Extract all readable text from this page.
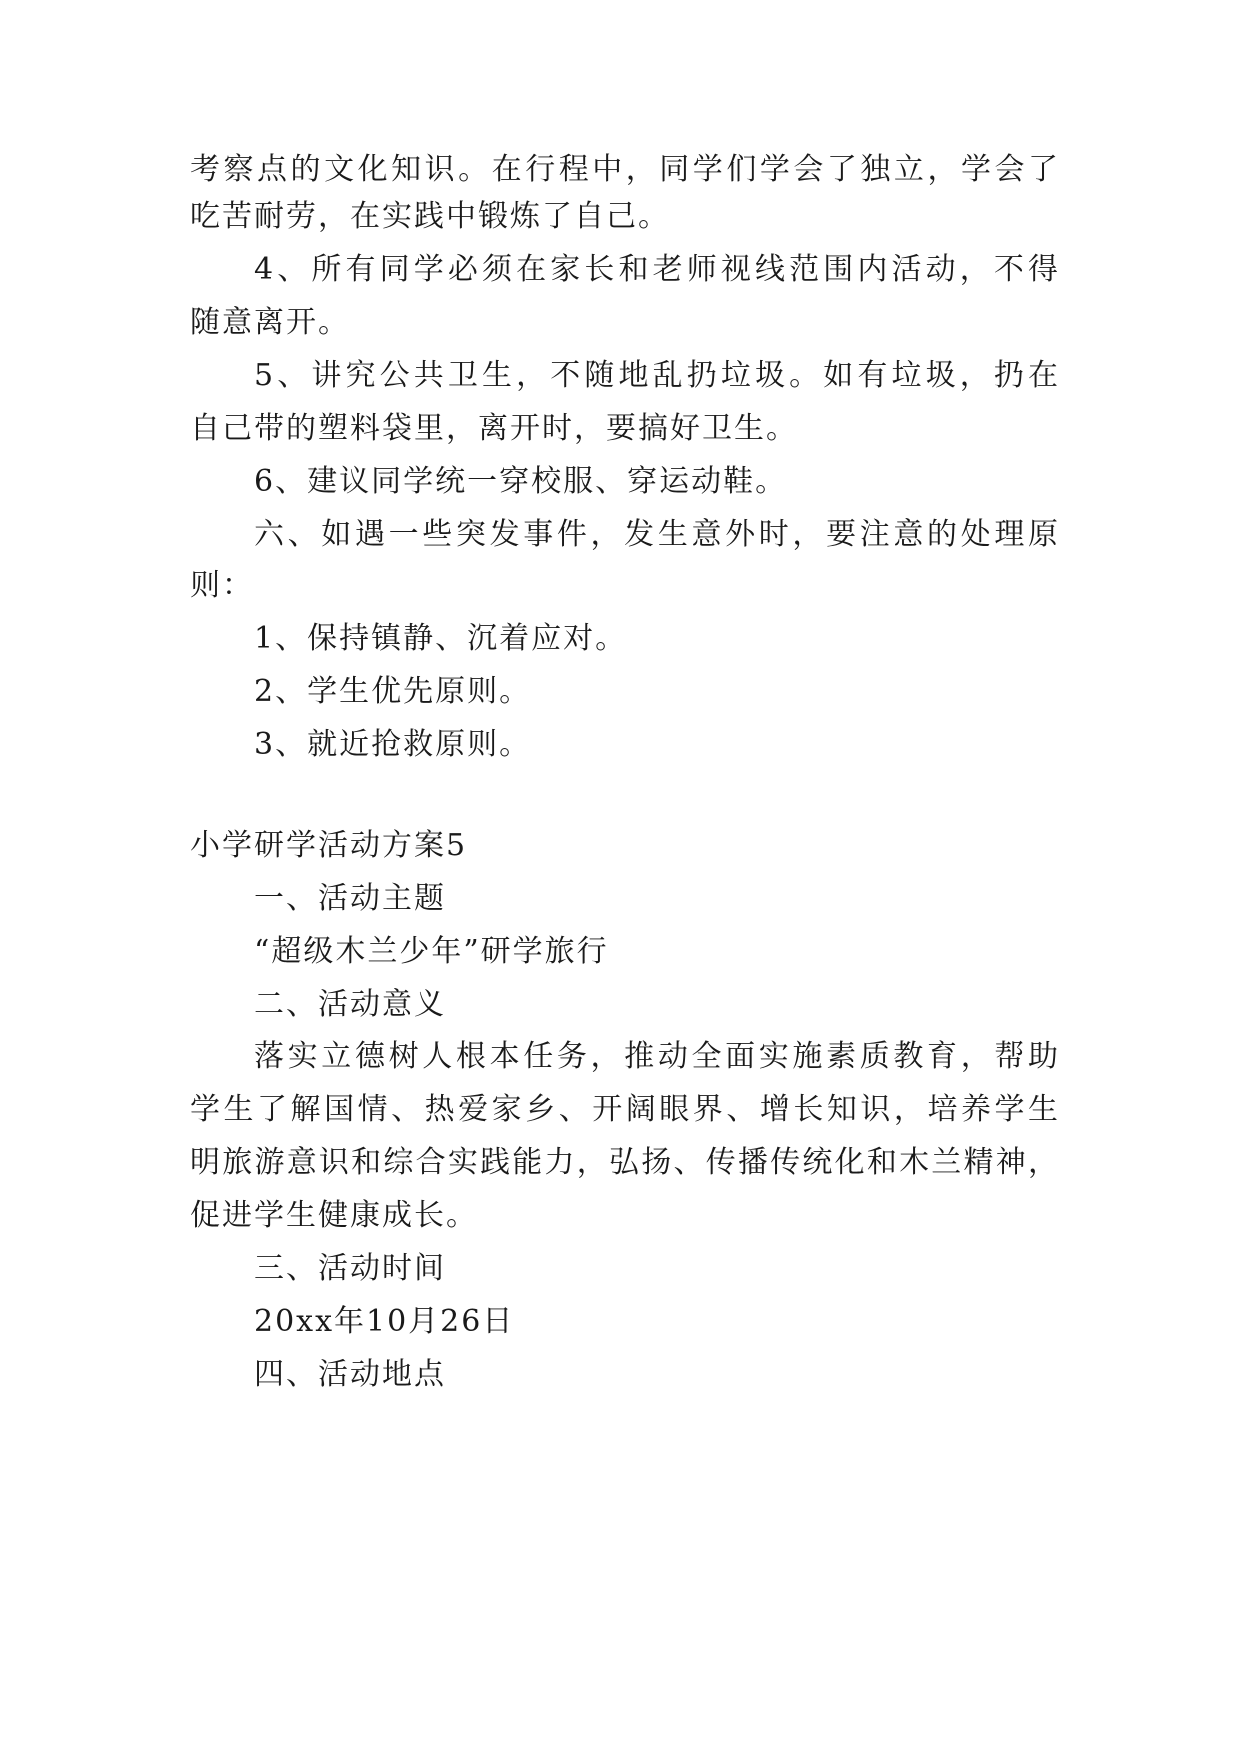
考察点的文化知识。在行程中，同学们学会了独立，学会了
吃苦耐劳，在实践中锻炼了自己。
4、所有同学必须在家长和老师视线范围内活动，不得
随意离开。
5、讲究公共卫生，不随地乱扔垃圾。如有垃圾，扔在
自己带的塑料袋里，离开时，要搞好卫生。
6、建议同学统一穿校服、穿运动鞋。
六、如遇一些突发事件，发生意外时，要注意的处理原
则：
1、保持镇静、沉着应对。
2、学生优先原则。
3、就近抢救原则。
小学研学活动方案5
一、活动主题
“超级木兰少年”研学旅行
二、活动意义
落实立德树人根本任务，推动全面实施素质教育，帮助
学生了解国情、热爱家乡、开阔眼界、增长知识，培养学生
明旅游意识和综合实践能力，弘扬、传播传统化和木兰精神，
促进学生健康成长。
三、活动时间
20xx年10月26日
四、活动地点
